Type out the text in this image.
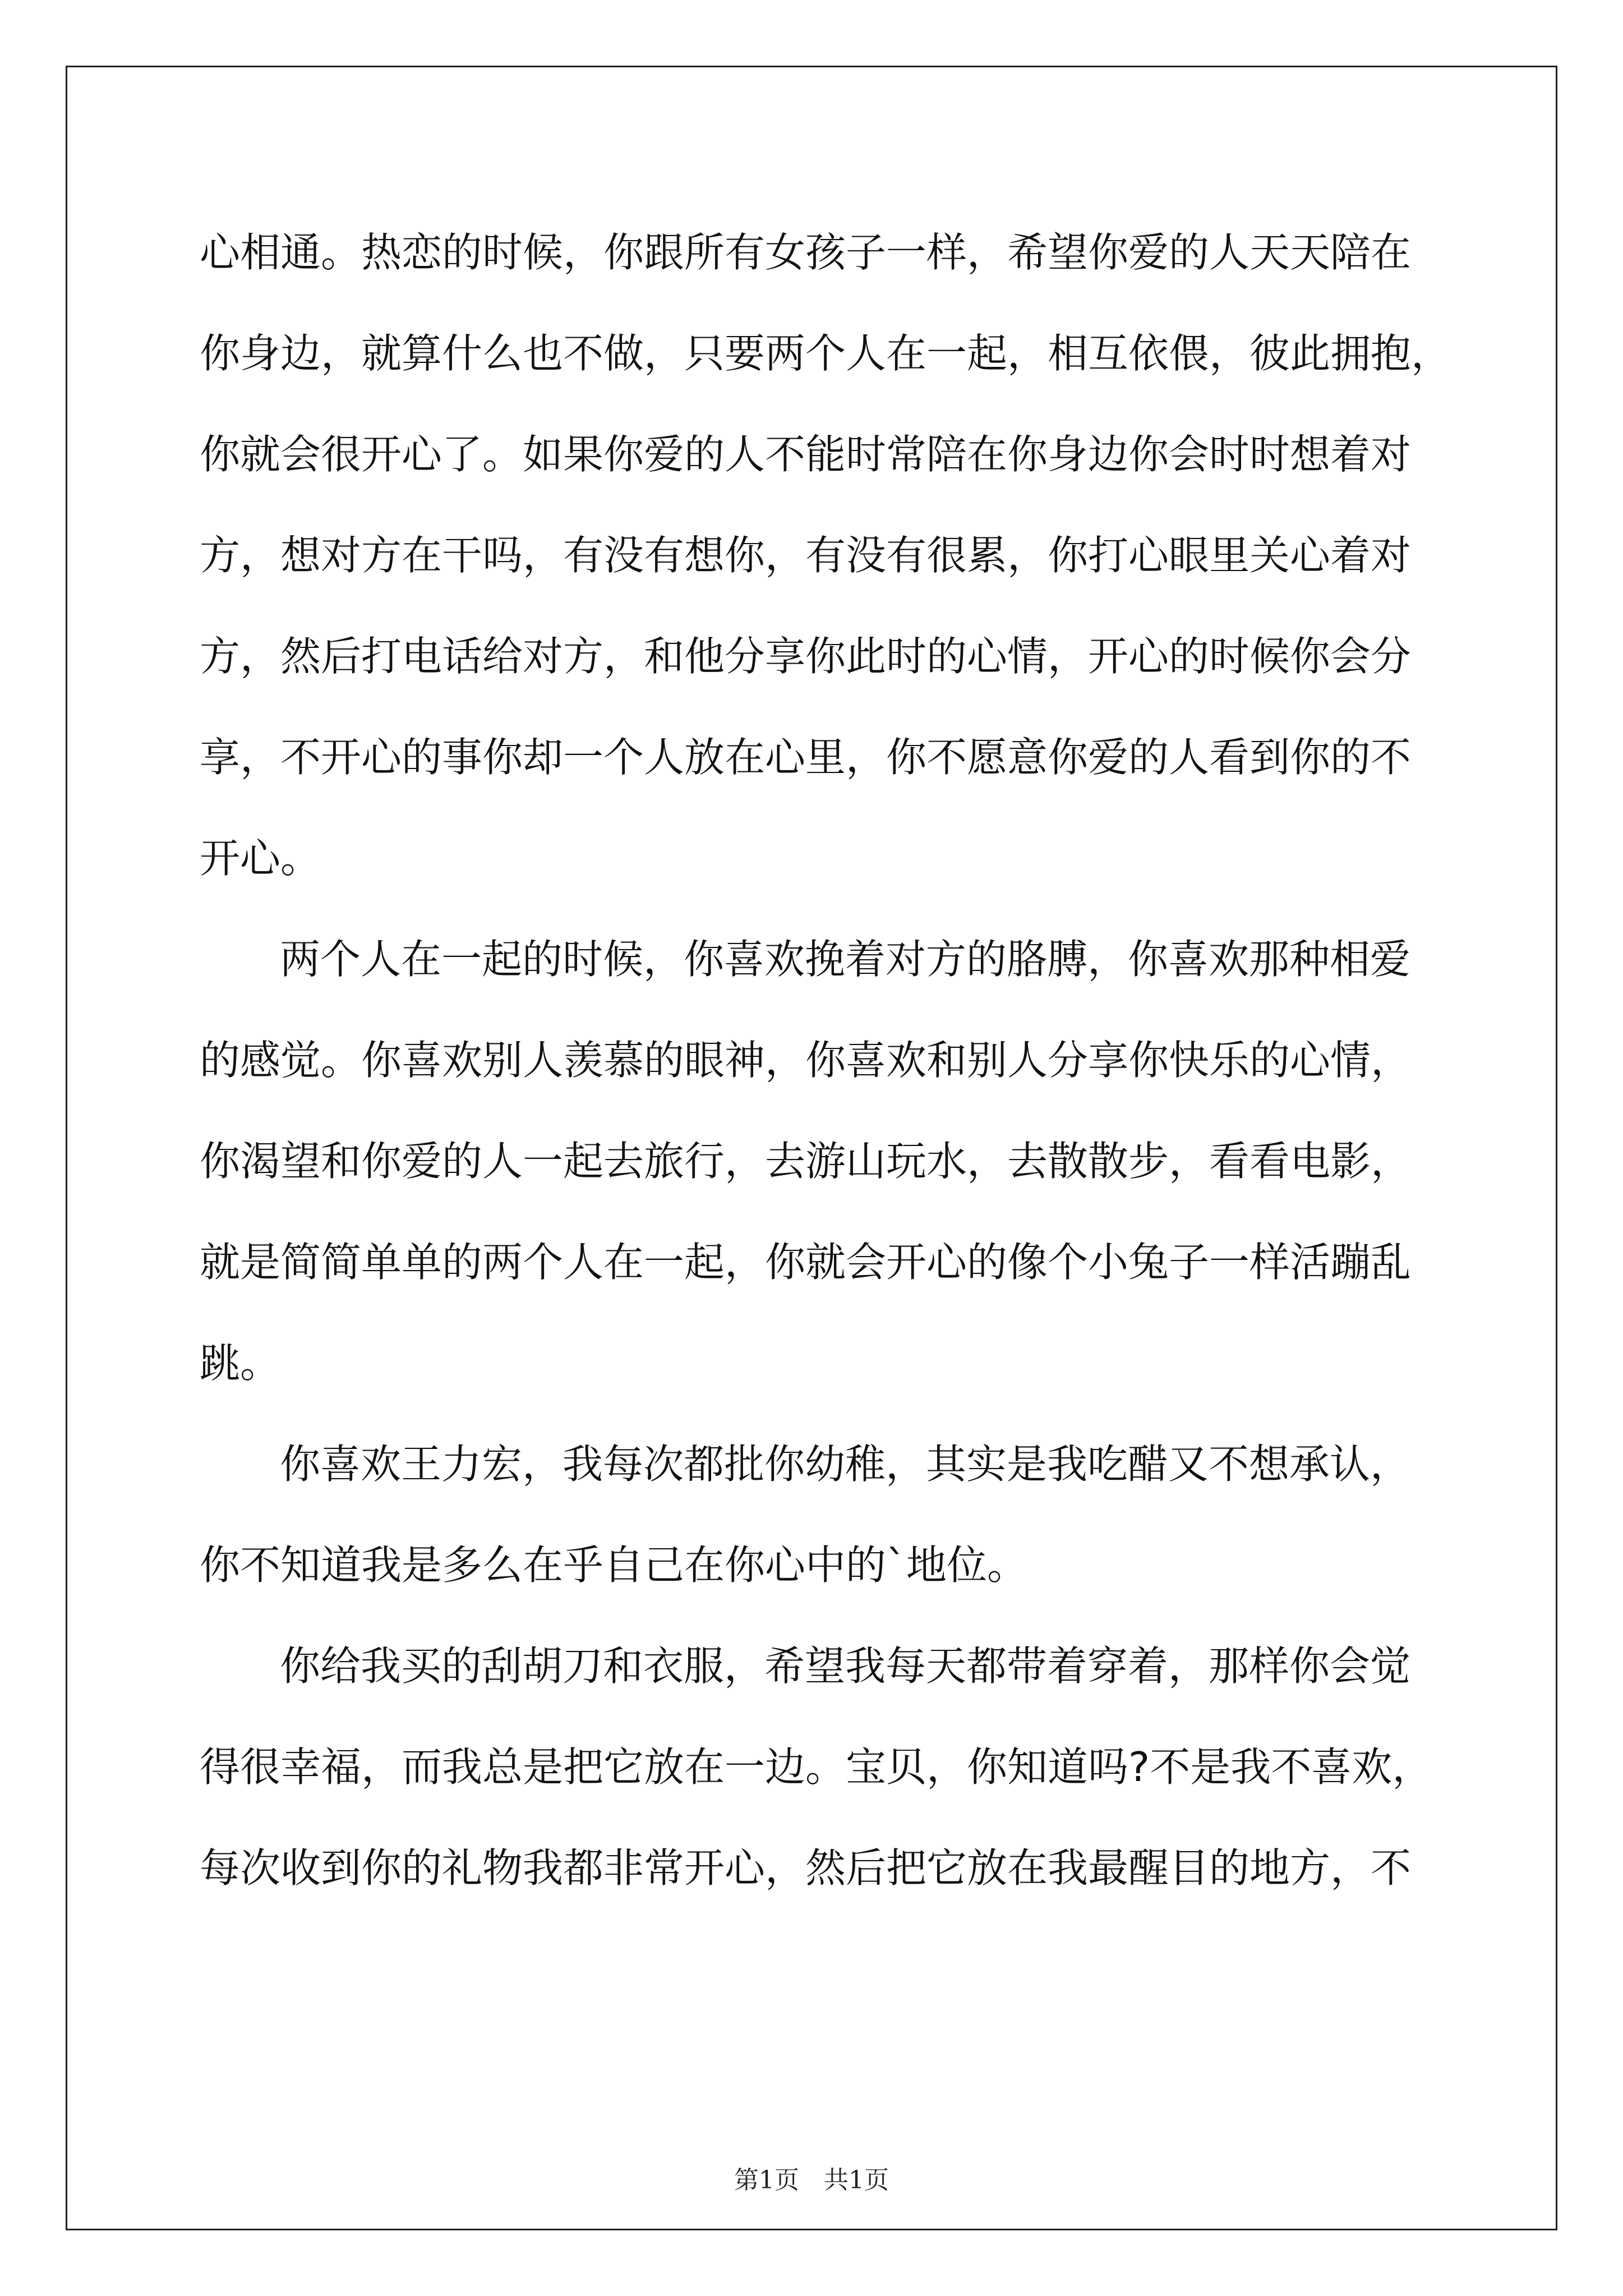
心相通。热恋的时候，你跟所有女孩子一样，希望你爱的人天天陪在
你身边，就算什么也不做，只要两个人在一起，相互依偎，彼此拥抱，
你就会很开心了。如果你爱的人不能时常陪在你身边你会时时想着对
方，想对方在干吗，有没有想你，有没有很累，你打心眼里关心着对
方，然后打电话给对方，和他分享你此时的心情，开心的时候你会分
享，不开心的事你却一个人放在心里，你不愿意你爱的人看到你的不
开心。
两个人在一起的时候，你喜欢挽着对方的胳膊，你喜欢那种相爱
的感觉。你喜欢别人羡慕的眼神，你喜欢和别人分享你快乐的心情，
你渴望和你爱的人一起去旅行，去游山玩水，去散散步，看看电影，
就是简简单单的两个人在一起，你就会开心的像个小兔子一样活蹦乱
跳。
你喜欢王力宏，我每次都批你幼稚，其实是我吃醋又不想承认，
你不知道我是多么在乎自己在你心中的`地位。
你给我买的刮胡刀和衣服，希望我每天都带着穿着，那样你会觉
得很幸福，而我总是把它放在一边。宝贝，你知道吗?不是我不喜欢，
每次收到你的礼物我都非常开心，然后把它放在我最醒目的地方，不
第1页　共1页
